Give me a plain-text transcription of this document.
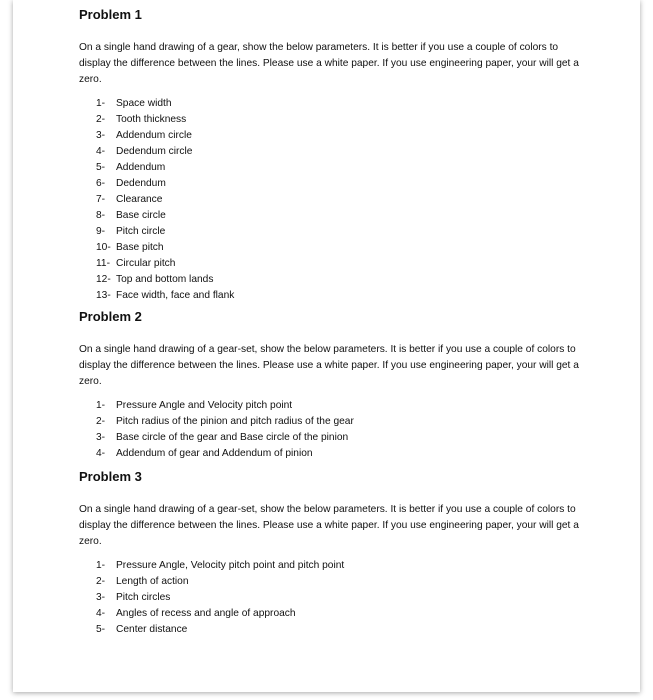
Problem 1

On a single hand drawing of a gear, show the below parameters. It is better if you use a couple of colors to display the difference between the lines. Please use a white paper. If you use engineering paper, your will get a zero.

1-	Space width
2-	Tooth thickness
3-	Addendum circle
4-	Dedendum circle
5-	Addendum
6-	Dedendum
7-	Clearance
8-	Base circle
9-	Pitch circle
10- Base pitch
11- Circular pitch
12- Top and bottom lands
13- Face width, face and flank
Problem 2

On a single hand drawing of a gear-set, show the below parameters. It is better if you use a couple of colors to display the difference between the lines. Please use a white paper. If you use engineering paper, your will get a zero.

1-	Pressure Angle and Velocity pitch point
2-	Pitch radius of the pinion and pitch radius of the gear
3-	Base circle of the gear and Base circle of the pinion
4-	Addendum of gear and Addendum of pinion
Problem 3

On a single hand drawing of a gear-set, show the below parameters. It is better if you use a couple of colors to display the difference between the lines. Please use a white paper. If you use engineering paper, your will get a zero.

1-	Pressure Angle, Velocity pitch point and pitch point
2-	Length of action
3-	Pitch circles
4-	Angles of recess and angle of approach
5-	Center distance
